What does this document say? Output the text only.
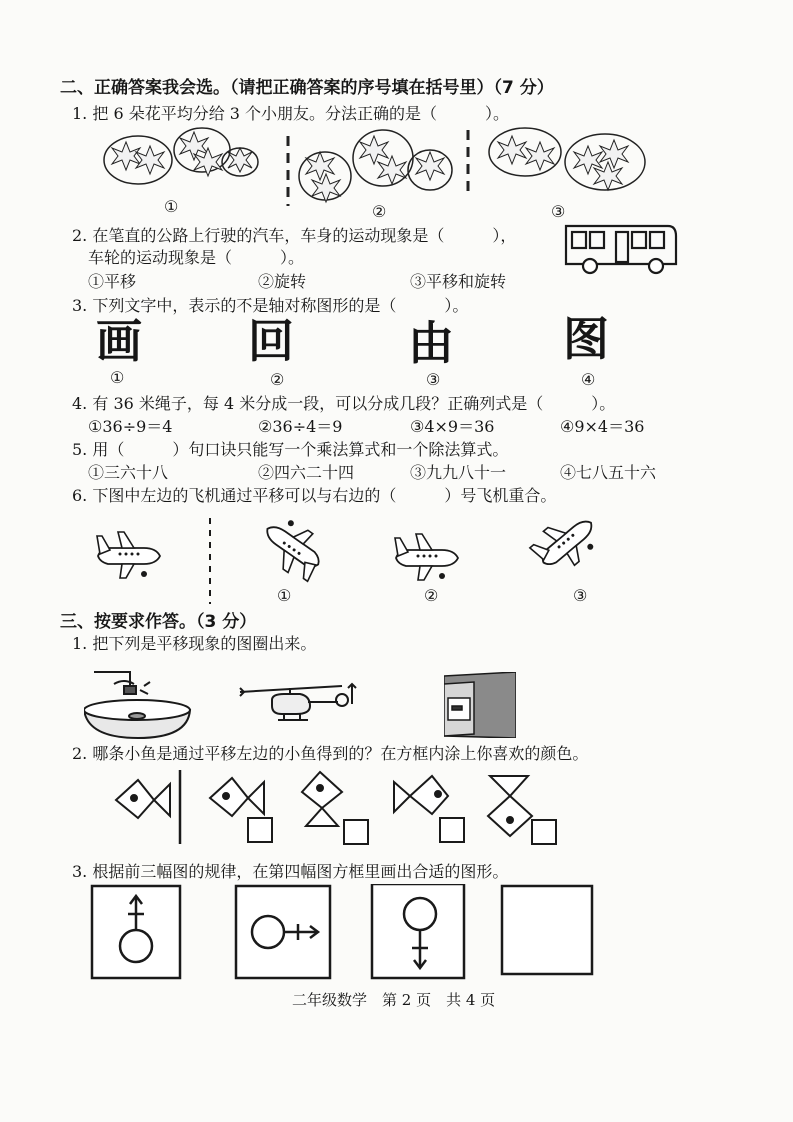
二、正确答案我会选。（请把正确答案的序号填在括号里）（7 分）
1. 把 6 朵花平均分给 3 个小朋友。分法正确的是（　　　）。
①	②	③
2. 在笔直的公路上行驶的汽车，车身的运动现象是（　　　），
车轮的运动现象是（　　　）。
①平移	②旋转	③平移和旋转
3. 下列文字中，表示的不是轴对称图形的是（　　　）。
画 回 由 图
①	②	③	④
4. 有 36 米绳子，每 4 米分成一段，可以分成几段？正确列式是（　　　）。
①36÷9＝4	②36÷4＝9	③4×9＝36	④9×4＝36
5. 用（　　　）句口诀只能写一个乘法算式和一个除法算式。
①三六十八	②四六二十四	③九九八十一	④七八五十六
6. 下图中左边的飞机通过平移可以与右边的（　　　）号飞机重合。
①	②	③
三、按要求作答。（3 分）
1. 把下列是平移现象的图圈出来。
2. 哪条小鱼是通过平移左边的小鱼得到的？在方框内涂上你喜欢的颜色。
3. 根据前三幅图的规律，在第四幅图方框里画出合适的图形。
二年级数学　第 2 页　共 4 页
